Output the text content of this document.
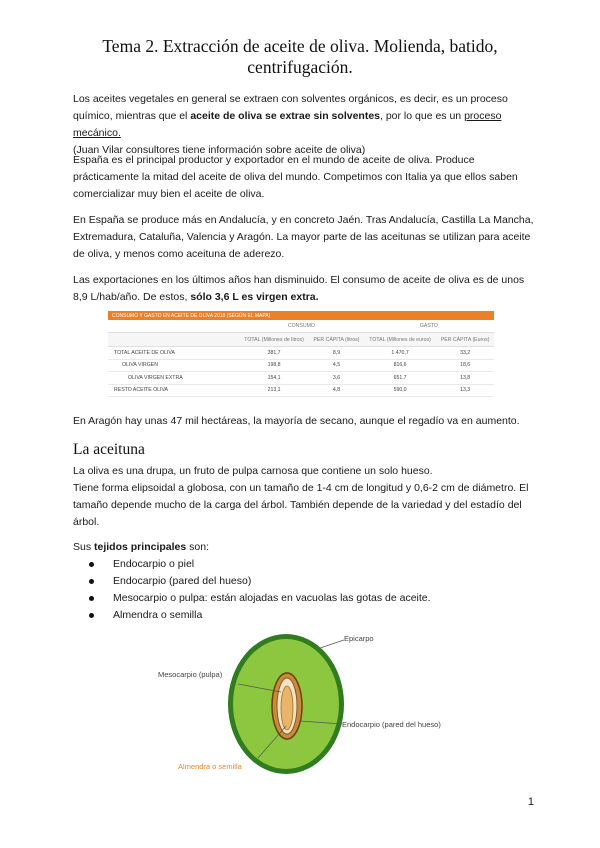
Tema 2. Extracción de aceite de oliva. Molienda, batido, centrifugación.

Los aceites vegetales en general se extraen con solventes orgánicos, es decir, es un proceso químico, mientras que el aceite de oliva se extrae sin solventes, por lo que es un proceso mecánico.
(Juan Vilar consultores tiene información sobre aceite de oliva)

España es el principal productor y exportador en el mundo de aceite de oliva. Produce prácticamente la mitad del aceite de oliva del mundo. Competimos con Italia ya que ellos saben comercializar muy bien el aceite de oliva.

En España se produce más en Andalucía, y en concreto Jaén. Tras Andalucía, Castilla La Mancha, Extremadura, Cataluña, Valencia y Aragón. La mayor parte de las aceitunas se utilizan para aceite de oliva, y menos como aceituna de aderezo.

Las exportaciones en los últimos años han disminuido. El consumo de aceite de oliva es de unos 8,9 L/hab/año. De estos, sólo 3,6 L es virgen extra.

CONSUMO Y GASTO EN ACEITE DE OLIVA 2018 (SEGÚN EL MAPA)				
	CONSUMO		GASTO	
	TOTAL (Millones de litros)	PER CÁPITA (litros)	TOTAL (Millones de euros)	PER CÁPITA (Euros)
TOTAL ACEITE DE OLIVA	381,7	8,9	1.470,7	33,2
OLIVA VIRGEN	198,8	4,5	816,6	18,6
OLIVA VIRGEN EXTRA	154,1	3,6	651,7	13,8
RESTO ACEITE OLIVA	213,1	4,8	590,0	13,3

En Aragón hay unas 47 mil hectáreas, la mayoría de secano, aunque el regadío va en aumento.

La aceituna

La oliva es una drupa, un fruto de pulpa carnosa que contiene un solo hueso.
Tiene forma elipsoidal a globosa, con un tamaño de 1-4 cm de longitud y 0,6-2 cm de diámetro. El tamaño depende mucho de la carga del árbol. También depende de la variedad y del estadío del árbol.

Sus tejidos principales son:

Endocarpio o piel
Endocarpio (pared del hueso)
Mesocarpio o pulpa: están alojadas en vacuolas las gotas de aceite.
Almendra o semilla
Epicarpo
Mesocarpio (pulpa)
Endocarpio (pared del hueso)
Almendra o semilla
1
